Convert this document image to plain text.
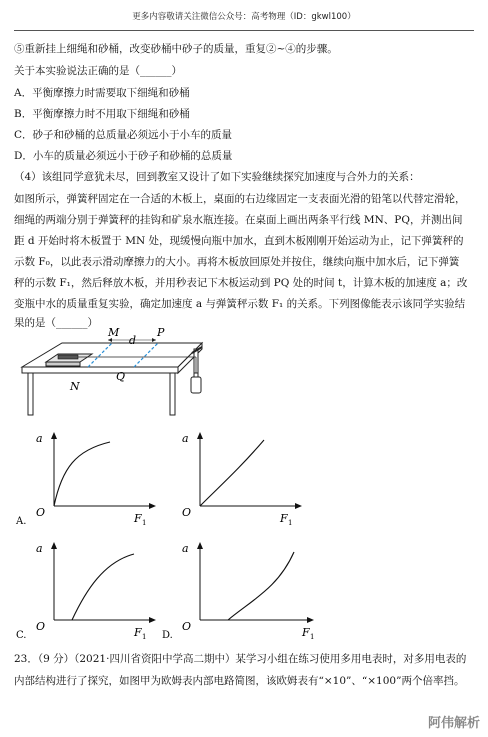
更多内容敬请关注微信公众号：高考物理（ID：gkwl100）
⑤重新挂上细绳和砂桶，改变砂桶中砂子的质量，重复②~④的步骤。
关于本实验说法正确的是（______）
A．平衡摩擦力时需要取下细绳和砂桶
B．平衡摩擦力时不用取下细绳和砂桶
C．砂子和砂桶的总质量必须远小于小车的质量
D．小车的质量必须远小于砂子和砂桶的总质量
（4）该组同学意犹未尽，回到教室又设计了如下实验继续探究加速度与合外力的关系：
如图所示，弹簧秤固定在一合适的木板上，桌面的右边缘固定一支表面光滑的铅笔以代替定滑轮，
细绳的两端分别于弹簧秤的挂钩和矿泉水瓶连接。在桌面上画出两条平行线 MN、PQ，并测出间
距 d 开始时将木板置于 MN 处，现缓慢向瓶中加水，直到木板刚刚开始运动为止，记下弹簧秤的
示数 F₀，以此表示滑动摩擦力的大小。再将木板放回原处并按住，继续向瓶中加水后，记下弹簧
秤的示数 F₁，然后释放木板，并用秒表记下木板运动到 PQ 处的时间 t，计算木板的加速度 a；改
变瓶中水的质量重复实验，确定加速度 a 与弹簧秤示数 F₁ 的关系。下列图像能表示该同学实验结
果的是（______）
M	P
d
Q
N
a
O	F 1
A.
a
O	F 1
a
O	F 1
C.
a
O	F 1
D.
23．（9 分）（2021·四川省资阳中学高二期中）某学习小组在练习使用多用电表时，对多用电表的
内部结构进行了探究，如图甲为欧姆表内部电路简图，该欧姆表有“×10”、“×100”两个倍率挡。
阿伟解析
